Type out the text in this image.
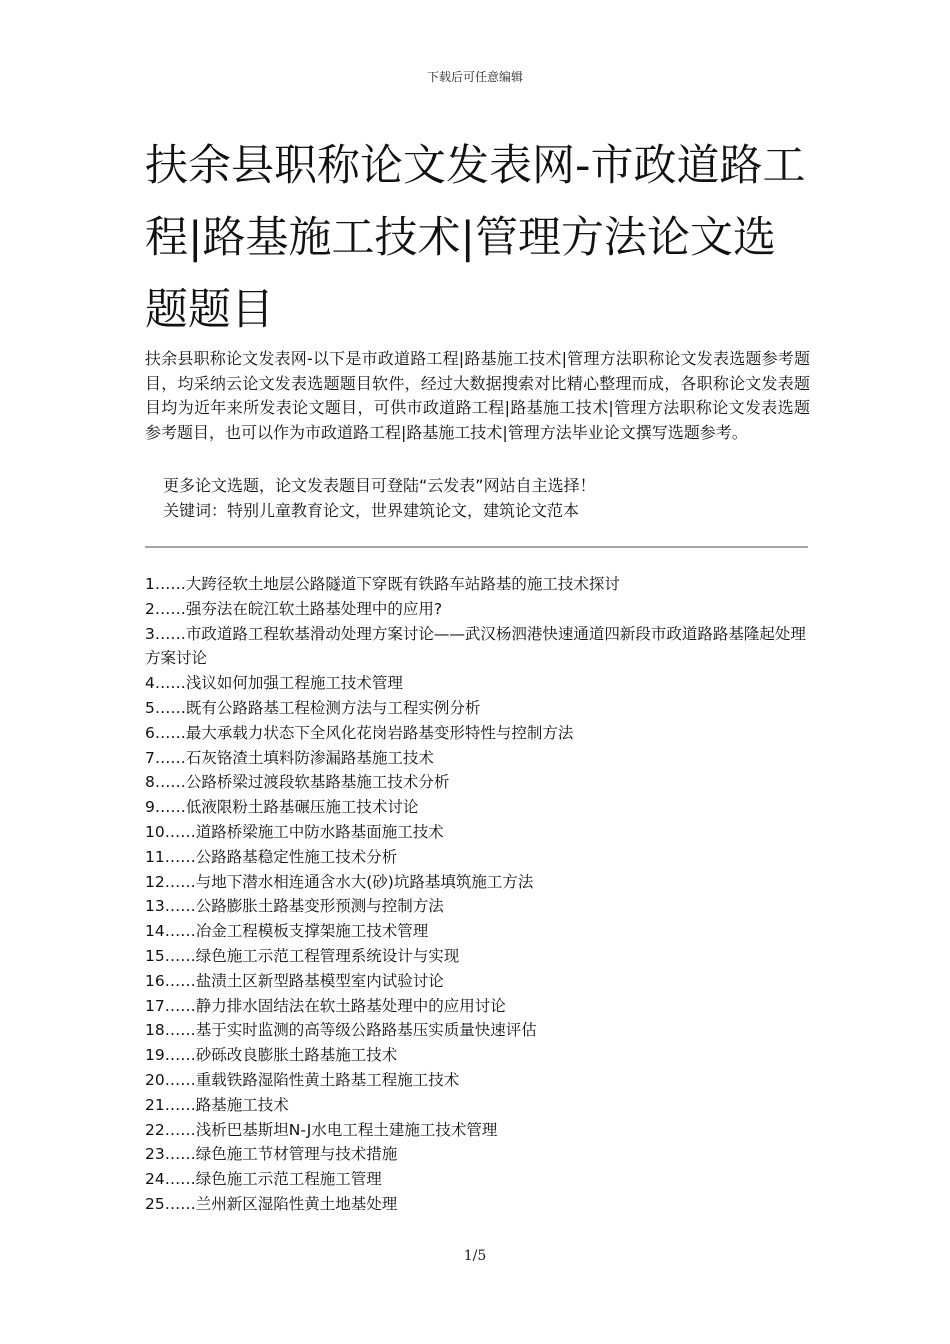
下载后可任意编辑
扶余县职称论文发表网-市政道路工程|路基施工技术|管理方法论文选题题目
扶余县职称论文发表网-以下是市政道路工程|路基施工技术|管理方法职称论文发表选题参考题目，均采纳云论文发表选题题目软件，经过大数据搜索对比精心整理而成，各职称论文发表题目均为近年来所发表论文题目，可供市政道路工程|路基施工技术|管理方法职称论文发表选题参考题目，也可以作为市政道路工程|路基施工技术|管理方法毕业论文撰写选题参考。
更多论文选题，论文发表题目可登陆“云发表”网站自主选择！
关键词：特别儿童教育论文，世界建筑论文，建筑论文范本
1……大跨径软土地层公路隧道下穿既有铁路车站路基的施工技术探讨
2……强夯法在皖江软土路基处理中的应用?
3……市政道路工程软基滑动处理方案讨论——武汉杨泗港快速通道四新段市政道路路基隆起处理方案讨论
4……浅议如何加强工程施工技术管理
5……既有公路路基工程检测方法与工程实例分析
6……最大承载力状态下全风化花岗岩路基变形特性与控制方法
7……石灰铬渣土填料防渗漏路基施工技术
8……公路桥梁过渡段软基路基施工技术分析
9……低液限粉土路基碾压施工技术讨论
10……道路桥梁施工中防水路基面施工技术
11……公路路基稳定性施工技术分析
12……与地下潜水相连通含水大(砂)坑路基填筑施工方法
13……公路膨胀土路基变形预测与控制方法
14……冶金工程模板支撑架施工技术管理
15……绿色施工示范工程管理系统设计与实现
16……盐渍土区新型路基模型室内试验讨论
17……静力排水固结法在软土路基处理中的应用讨论
18……基于实时监测的高等级公路路基压实质量快速评估
19……砂砾改良膨胀土路基施工技术
20……重载铁路湿陷性黄土路基工程施工技术
21……路基施工技术
22……浅析巴基斯坦N-J水电工程土建施工技术管理
23……绿色施工节材管理与技术措施
24……绿色施工示范工程施工管理
25……兰州新区湿陷性黄土地基处理
1/5
